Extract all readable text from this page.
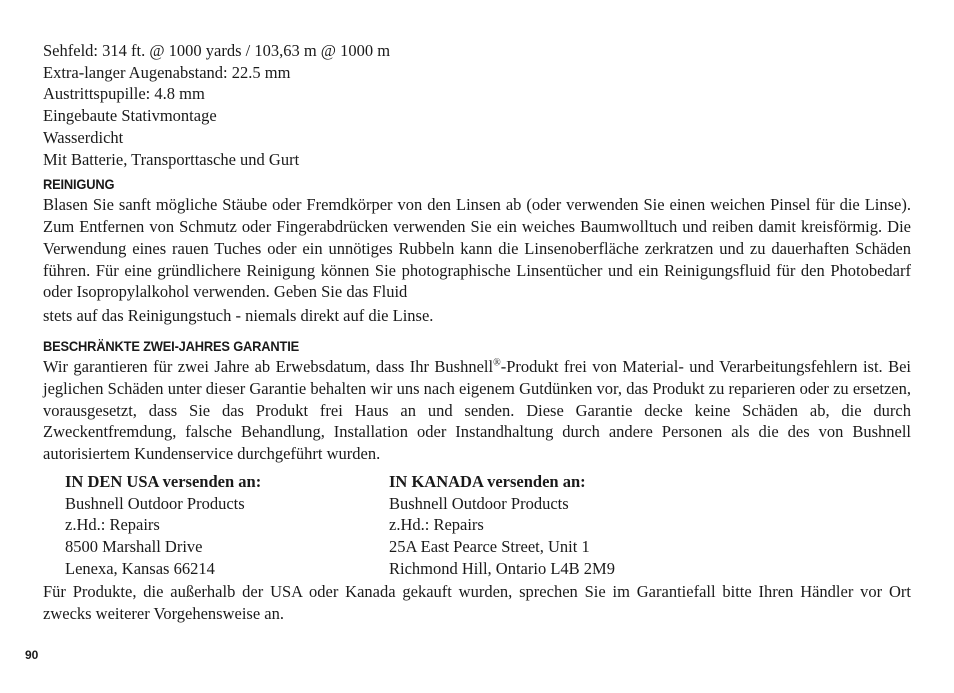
Sehfeld: 314 ft. @ 1000 yards / 103,63 m @ 1000 m
Extra-langer Augenabstand: 22.5 mm
Austrittspupille: 4.8 mm
Eingebaute Stativmontage
Wasserdicht
Mit Batterie, Transporttasche und Gurt
REINIGUNG

Blasen Sie sanft mögliche Stäube oder Fremdkörper von den Linsen ab (oder verwenden Sie einen weichen Pinsel für die Linse). Zum Entfernen von Schmutz oder Fingerabdrücken verwenden Sie ein weiches Baumwolltuch und reiben damit kreisförmig. Die Verwendung eines rauen Tuches oder ein unnötiges Rubbeln kann die Linsenoberfläche zerkratzen und zu dauerhaften Schäden führen. Für eine gründlichere Reinigung können Sie photographische Linsentücher und ein Reinigungsfluid für den Photobedarf oder Isopropylalkohol verwenden. Geben Sie das Fluid
stets auf das Reinigungstuch - niemals direkt auf die Linse.

BESCHRÄNKTE ZWEI-JAHRES GARANTIE

Wir garantieren für zwei Jahre ab Erwebsdatum, dass Ihr Bushnell®-Produkt frei von Material- und Verarbeitungsfehlern ist. Bei jeglichen Schäden unter dieser Garantie behalten wir uns nach eigenem Gutdünken vor, das Produkt zu reparieren oder zu ersetzen, vorausgesetzt, dass Sie das Produkt frei Haus an und senden. Diese Garantie decke keine Schäden ab, die durch Zweckentfremdung, falsche Behandlung, Installation oder Instandhaltung durch andere Personen als die des von Bushnell autorisiertem Kundenservice durchgeführt wurden.

IN DEN USA versenden an:
Bushnell Outdoor Products
z.Hd.: Repairs
8500 Marshall Drive
Lenexa, Kansas 66214
IN KANADA versenden an:
Bushnell Outdoor Products
z.Hd.: Repairs
25A East Pearce Street, Unit 1
Richmond Hill, Ontario L4B 2M9

Für Produkte, die außerhalb der USA oder Kanada gekauft wurden, sprechen Sie im Garantiefall bitte Ihren Händler vor Ort zwecks weiterer Vorgehensweise an.

90
